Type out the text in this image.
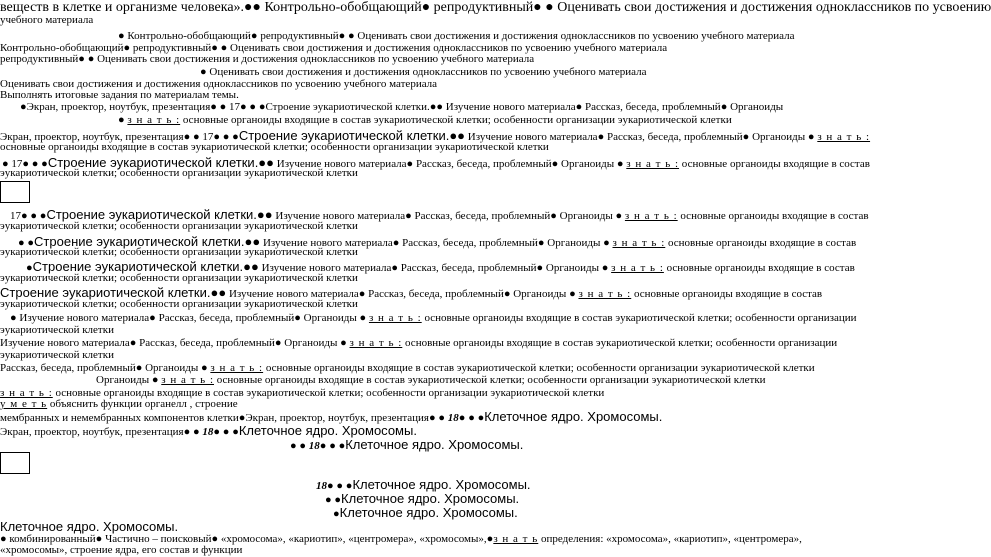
веществ в клетке и организме человека».●● Контрольно-обобщающий● репродуктивный● ● Оценивать свои достижения и достижения одноклассников по усвоению
учебного материала
● Контрольно-обобщающий● репродуктивный● ● Оценивать свои достижения и достижения одноклассников по усвоению учебного материала
Контрольно-обобщающий● репродуктивный● ● Оценивать свои достижения и достижения одноклассников по усвоению учебного материала
репродуктивный● ● Оценивать свои достижения и достижения одноклассников по усвоению учебного материала
● Оценивать свои достижения и достижения одноклассников по усвоению учебного материала
Оценивать свои достижения и достижения одноклассников по усвоению учебного материала
Выполнять итоговые задания по материалам темы.
●Экран, проектор, ноутбук, презентация● ● 17● ● ●Строение эукариотической клетки.●● Изучение нового материала● Рассказ, беседа, проблемный● Органоиды
● з н а т ь : основные органоиды входящие в состав эукариотической клетки; особенности организации эукариотической клетки
Экран, проектор, ноутбук, презентация● ● 17● ● ●Строение эукариотической клетки.●● Изучение нового материала● Рассказ, беседа, проблемный● Органоиды ● з н а т ь :
основные органоиды входящие в состав эукариотической клетки; особенности организации эукариотической клетки
● 17● ● ●Строение эукариотической клетки.●● Изучение нового материала● Рассказ, беседа, проблемный● Органоиды ● з н а т ь : основные органоиды входящие в состав
эукариотической клетки; особенности организации эукариотической клетки
17● ● ●Строение эукариотической клетки.●● Изучение нового материала● Рассказ, беседа, проблемный● Органоиды ● з н а т ь : основные органоиды входящие в состав
эукариотической клетки; особенности организации эукариотической клетки
● ●Строение эукариотической клетки.●● Изучение нового материала● Рассказ, беседа, проблемный● Органоиды ● з н а т ь : основные органоиды входящие в состав
эукариотической клетки; особенности организации эукариотической клетки
●Строение эукариотической клетки.●● Изучение нового материала● Рассказ, беседа, проблемный● Органоиды ● з н а т ь : основные органоиды входящие в состав
эукариотической клетки; особенности организации эукариотической клетки
Строение эукариотической клетки.●● Изучение нового материала● Рассказ, беседа, проблемный● Органоиды ● з н а т ь : основные органоиды входящие в состав
эукариотической клетки; особенности организации эукариотической клетки
● Изучение нового материала● Рассказ, беседа, проблемный● Органоиды ● з н а т ь : основные органоиды входящие в состав эукариотической клетки; особенности организации
эукариотической клетки
Изучение нового материала● Рассказ, беседа, проблемный● Органоиды ● з н а т ь : основные органоиды входящие в состав эукариотической клетки; особенности организации
эукариотической клетки
Рассказ, беседа, проблемный● Органоиды ● з н а т ь : основные органоиды входящие в состав эукариотической клетки; особенности организации эукариотической клетки
Органоиды ● з н а т ь : основные органоиды входящие в состав эукариотической клетки; особенности организации эукариотической клетки
з н а т ь : основные органоиды входящие в состав эукариотической клетки; особенности организации эукариотической клетки
у м е т ь объяснить функции органелл , строение
мембранных и немембранных компонентов клетки●Экран, проектор, ноутбук, презентация● ● 18● ● ●Клеточное ядро. Хромосомы.
Экран, проектор, ноутбук, презентация● ● 18● ● ●Клеточное ядро. Хромосомы.
● ● 18● ● ●Клеточное ядро. Хромосомы.
18● ● ●Клеточное ядро. Хромосомы.
● ●Клеточное ядро. Хромосомы.
●Клеточное ядро. Хромосомы.
Клеточное ядро. Хромосомы.
● комбинированный● Частично – поисковый● «хромосома», «кариотип», «центромера», «хромосомы»,●з н а т ь определения: «хромосома», «кариотип», «центромера»,
«хромосомы», строение ядра, его состав и функции
